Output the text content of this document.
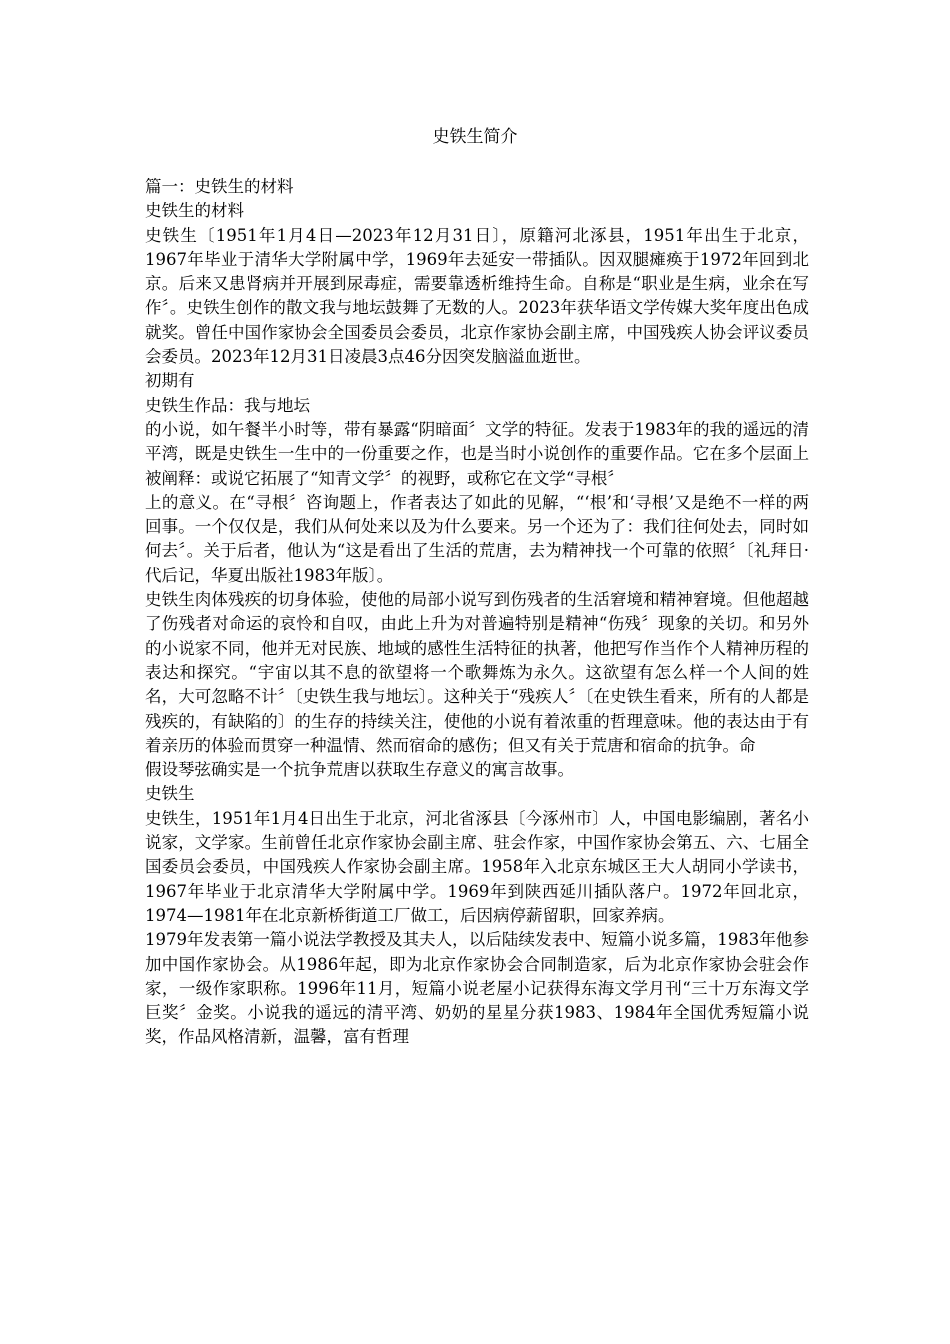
史铁生简介

篇一：史铁生的材料

史铁生的材料

史铁生〔1951年1月4日—2023年12月31日〕，原籍河北涿县，1951年出生于北京，1967年毕业于清华大学附属中学，1969年去延安一带插队。因双腿瘫痪于1972年回到北京。后来又患肾病并开展到尿毒症，需要靠透析维持生命。自称是“职业是生病，业余在写作〞。史铁生创作的散文我与地坛鼓舞了无数的人。2023年获华语文学传媒大奖年度出色成就奖。曾任中国作家协会全国委员会委员，北京作家协会副主席，中国残疾人协会评议委员会委员。2023年12月31日凌晨3点46分因突发脑溢血逝世。

初期有

史铁生作品：我与地坛

的小说，如午餐半小时等，带有暴露“阴暗面〞文学的特征。发表于1983年的我的遥远的清平湾，既是史铁生一生中的一份重要之作，也是当时小说创作的重要作品。它在多个层面上被阐释：或说它拓展了“知青文学〞的视野，或称它在文学“寻根〞

上的意义。在“寻根〞咨询题上，作者表达了如此的见解，“‘根’和‘寻根’又是绝不一样的两回事。一个仅仅是，我们从何处来以及为什么要来。另一个还为了：我们往何处去，同时如何去〞。关于后者，他认为“这是看出了生活的荒唐，去为精神找一个可靠的依照〞〔礼拜日·代后记，华夏出版社1983年版〕。

史铁生肉体残疾的切身体验，使他的局部小说写到伤残者的生活窘境和精神窘境。但他超越了伤残者对命运的哀怜和自叹，由此上升为对普遍特别是精神“伤残〞现象的关切。和另外的小说家不同，他并无对民族、地域的感性生活特征的执著，他把写作当作个人精神历程的表达和探究。“宇宙以其不息的欲望将一个歌舞炼为永久。这欲望有怎么样一个人间的姓名，大可忽略不计〞〔史铁生我与地坛〕。这种关于“残疾人〞〔在史铁生看来，所有的人都是残疾的，有缺陷的〕的生存的持续关注，使他的小说有着浓重的哲理意味。他的表达由于有着亲历的体验而贯穿一种温情、然而宿命的感伤；但又有关于荒唐和宿命的抗争。命

假设琴弦确实是一个抗争荒唐以获取生存意义的寓言故事。

史铁生

史铁生，1951年1月4日出生于北京，河北省涿县〔今涿州市〕人，中国电影编剧，著名小说家，文学家。生前曾任北京作家协会副主席、驻会作家，中国作家协会第五、六、七届全国委员会委员，中国残疾人作家协会副主席。1958年入北京东城区王大人胡同小学读书，1967年毕业于北京清华大学附属中学。1969年到陕西延川插队落户。1972年回北京，1974—1981年在北京新桥街道工厂做工，后因病停薪留职，回家养病。

1979年发表第一篇小说法学教授及其夫人，以后陆续发表中、短篇小说多篇，1983年他参加中国作家协会。从1986年起，即为北京作家协会合同制造家，后为北京作家协会驻会作家，一级作家职称。1996年11月，短篇小说老屋小记获得东海文学月刊“三十万东海文学巨奖〞金奖。小说我的遥远的清平湾、奶奶的星星分获1983、1984年全国优秀短篇小说奖，作品风格清新，温馨，富有哲理
